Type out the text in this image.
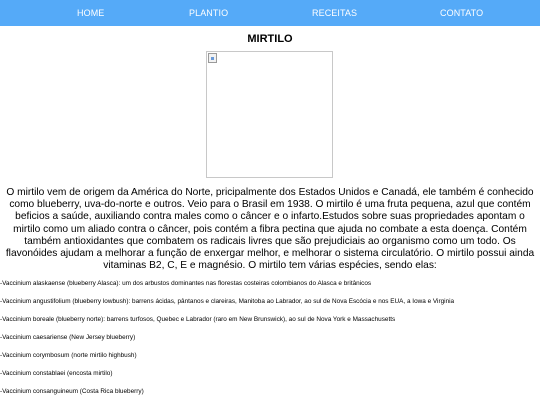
HOME	PLANTIO	RECEITAS	CONTATO
MIRTILO

O mirtilo vem de origem da América do Norte, pricipalmente dos Estados Unidos e Canadá, ele também é conhecido como blueberry, uva-do-norte e outros. Veio para o Brasil em 1938. O mirtilo é uma fruta pequena, azul que contém beficios a saúde, auxiliando contra males como o câncer e o infarto.Estudos sobre suas propriedades apontam o mirtilo como um aliado contra o câncer, pois contém a fibra pectina que ajuda no combate a esta doença. Contém também antioxidantes que combatem os radicais livres que são prejudiciais ao organismo como um todo. Os flavonóides ajudam a melhorar a função de enxergar melhor, e melhorar o sistema circulatório. O mirtilo possui ainda vitaminas B2, C, E e magnésio. O mirtilo tem várias espécies, sendo elas:

-Vaccinium alaskaense (blueberry Alasca): um dos arbustos dominantes nas florestas costeiras colombianos do Alasca e britânicos
-Vaccinium angustifolium (blueberry lowbush): barrens ácidas, pântanos e clareiras, Manitoba ao Labrador, ao sul de Nova Escócia e nos EUA, a Iowa e Virginia
-Vaccinium boreale (blueberry norte): barrens turfosos, Quebec e Labrador (raro em New Brunswick), ao sul de Nova York e Massachusetts
-Vaccinium caesariense (New Jersey blueberry)
-Vaccinium corymbosum (norte mirtilo highbush)
-Vaccinium constablaei (encosta mirtilo)
-Vaccinium consanguineum (Costa Rica blueberry)
